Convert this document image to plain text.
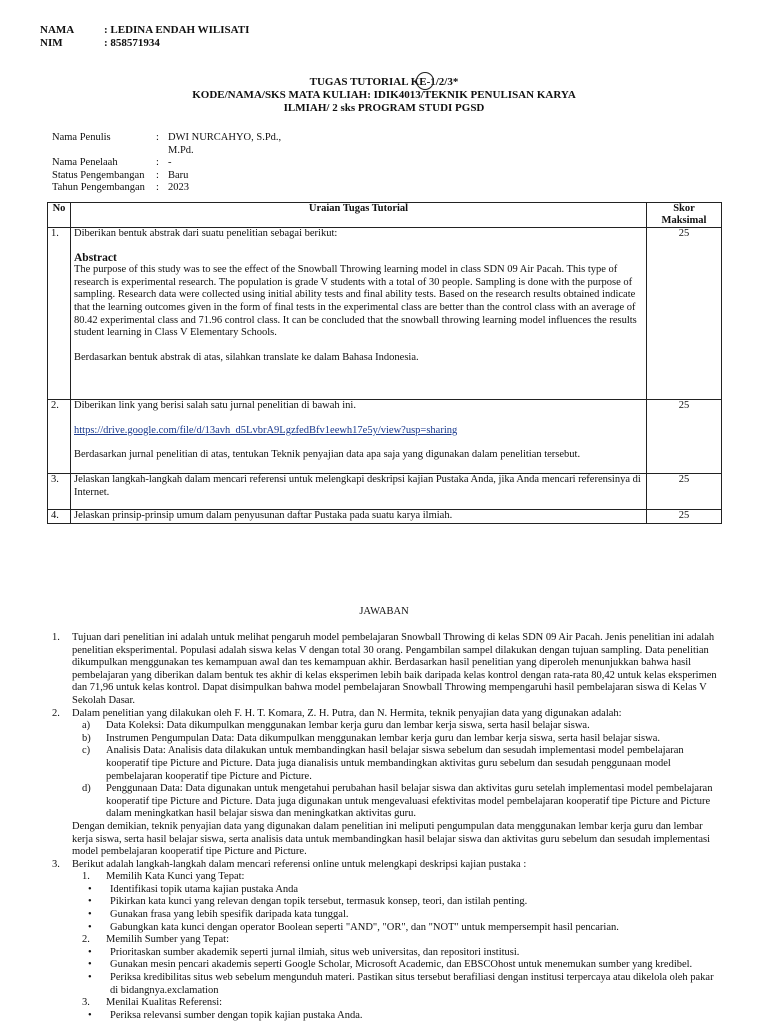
NAMA	: LEDINA ENDAH WILISATI
NIM	: 858571934
TUGAS TUTORIAL KE-1/2/3*
KODE/NAMA/SKS MATA KULIAH: IDIK4013/TEKNIK PENULISAN KARYA
ILMIAH/ 2 sks PROGRAM STUDI PGSD
Nama Penulis	: DWI NURCAHYO, S.Pd., M.Pd.
Nama Penelaah	: -
Status Pengembangan	: Baru
Tahun Pengembangan	: 2023
No	Uraian Tugas Tutorial	Skor Maksimal
1.	Diberikan bentuk abstrak dari suatu penelitian sebagai berikut:
Abstract
The purpose of this study was to see the effect of the Snowball Throwing learning model in class SDN 09 Air Pacah. This type of research is experimental research. The population is grade V students with a total of 30 people. Sampling is done with the purpose of sampling. Research data were collected using initial ability tests and final ability tests. Based on the research results obtained indicate that the learning outcomes given in the form of final tests in the experimental class are better than the control class with an average of 80.42 experimental class and 71.96 control class. It can be concluded that the snowball throwing learning model influences the results student learning in Class V Elementary Schools.
Berdasarkan bentuk abstrak di atas, silahkan translate ke dalam Bahasa Indonesia.	25
2.	Diberikan link yang berisi salah satu jurnal penelitian di bawah ini.
https://drive.google.com/file/d/13avh_d5LvbrA9LgzfedBfv1eewh17e5y/view?usp=sharing
Berdasarkan jurnal penelitian di atas, tentukan Teknik penyajian data apa saja yang digunakan dalam penelitian tersebut.	25
3.	Jelaskan langkah-langkah dalam mencari referensi untuk melengkapi deskripsi kajian Pustaka Anda, jika Anda mencari referensinya di Internet.	25
4.	Jelaskan prinsip-prinsip umum dalam penyusunan daftar Pustaka pada suatu karya ilmiah.	25
JAWABAN
1.	Tujuan dari penelitian ini adalah untuk melihat pengaruh model pembelajaran Snowball Throwing di kelas SDN 09 Air Pacah. Jenis penelitian ini adalah penelitian eksperimental. Populasi adalah siswa kelas V dengan total 30 orang. Pengambilan sampel dilakukan dengan tujuan sampling. Data penelitian dikumpulkan menggunakan tes kemampuan awal dan tes kemampuan akhir. Berdasarkan hasil penelitian yang diperoleh menunjukkan bahwa hasil pembelajaran yang diberikan dalam bentuk tes akhir di kelas eksperimen lebih baik daripada kelas kontrol dengan rata-rata 80,42 untuk kelas eksperimen dan 71,96 untuk kelas kontrol. Dapat disimpulkan bahwa model pembelajaran Snowball Throwing mempengaruhi hasil pembelajaran siswa di Kelas V Sekolah Dasar.
2.	Dalam penelitian yang dilakukan oleh F. H. T. Komara, Z. H. Putra, dan N. Hermita, teknik penyajian data yang digunakan adalah:
a)	Data Koleksi: Data dikumpulkan menggunakan lembar kerja guru dan lembar kerja siswa, serta hasil belajar siswa.
b)	Instrumen Pengumpulan Data: Data dikumpulkan menggunakan lembar kerja guru dan lembar kerja siswa, serta hasil belajar siswa.
c)	Analisis Data: Analisis data dilakukan untuk membandingkan hasil belajar siswa sebelum dan sesudah implementasi model pembelajaran kooperatif tipe Picture and Picture. Data juga dianalisis untuk membandingkan aktivitas guru sebelum dan sesudah penggunaan model pembelajaran kooperatif tipe Picture and Picture.
d)	Penggunaan Data: Data digunakan untuk mengetahui perubahan hasil belajar siswa dan aktivitas guru setelah implementasi model pembelajaran kooperatif tipe Picture and Picture. Data juga digunakan untuk mengevaluasi efektivitas model pembelajaran kooperatif tipe Picture and Picture dalam meningkatkan hasil belajar siswa dan meningkatkan aktivitas guru.
Dengan demikian, teknik penyajian data yang digunakan dalam penelitian ini meliputi pengumpulan data menggunakan lembar kerja guru dan lembar kerja siswa, serta hasil belajar siswa, serta analisis data untuk membandingkan hasil belajar siswa dan aktivitas guru sebelum dan sesudah implementasi model pembelajaran kooperatif tipe Picture and Picture.
3.	Berikut adalah langkah-langkah dalam mencari referensi online untuk melengkapi deskripsi kajian pustaka :
1.	Memilih Kata Kunci yang Tepat:
•	Identifikasi topik utama kajian pustaka Anda
•	Pikirkan kata kunci yang relevan dengan topik tersebut, termasuk konsep, teori, dan istilah penting.
•	Gunakan frasa yang lebih spesifik daripada kata tunggal.
•	Gabungkan kata kunci dengan operator Boolean seperti "AND", "OR", dan "NOT" untuk mempersempit hasil pencarian.
2.	Memilih Sumber yang Tepat:
•	Prioritaskan sumber akademik seperti jurnal ilmiah, situs web universitas, dan repositori institusi.
•	Gunakan mesin pencari akademis seperti Google Scholar, Microsoft Academic, dan EBSCOhost untuk menemukan sumber yang kredibel.
•	Periksa kredibilitas situs web sebelum mengunduh materi. Pastikan situs tersebut berafiliasi dengan institusi terpercaya atau dikelola oleh pakar di bidangnya.exclamation
3.	Menilai Kualitas Referensi:
•	Periksa relevansi sumber dengan topik kajian pustaka Anda.
